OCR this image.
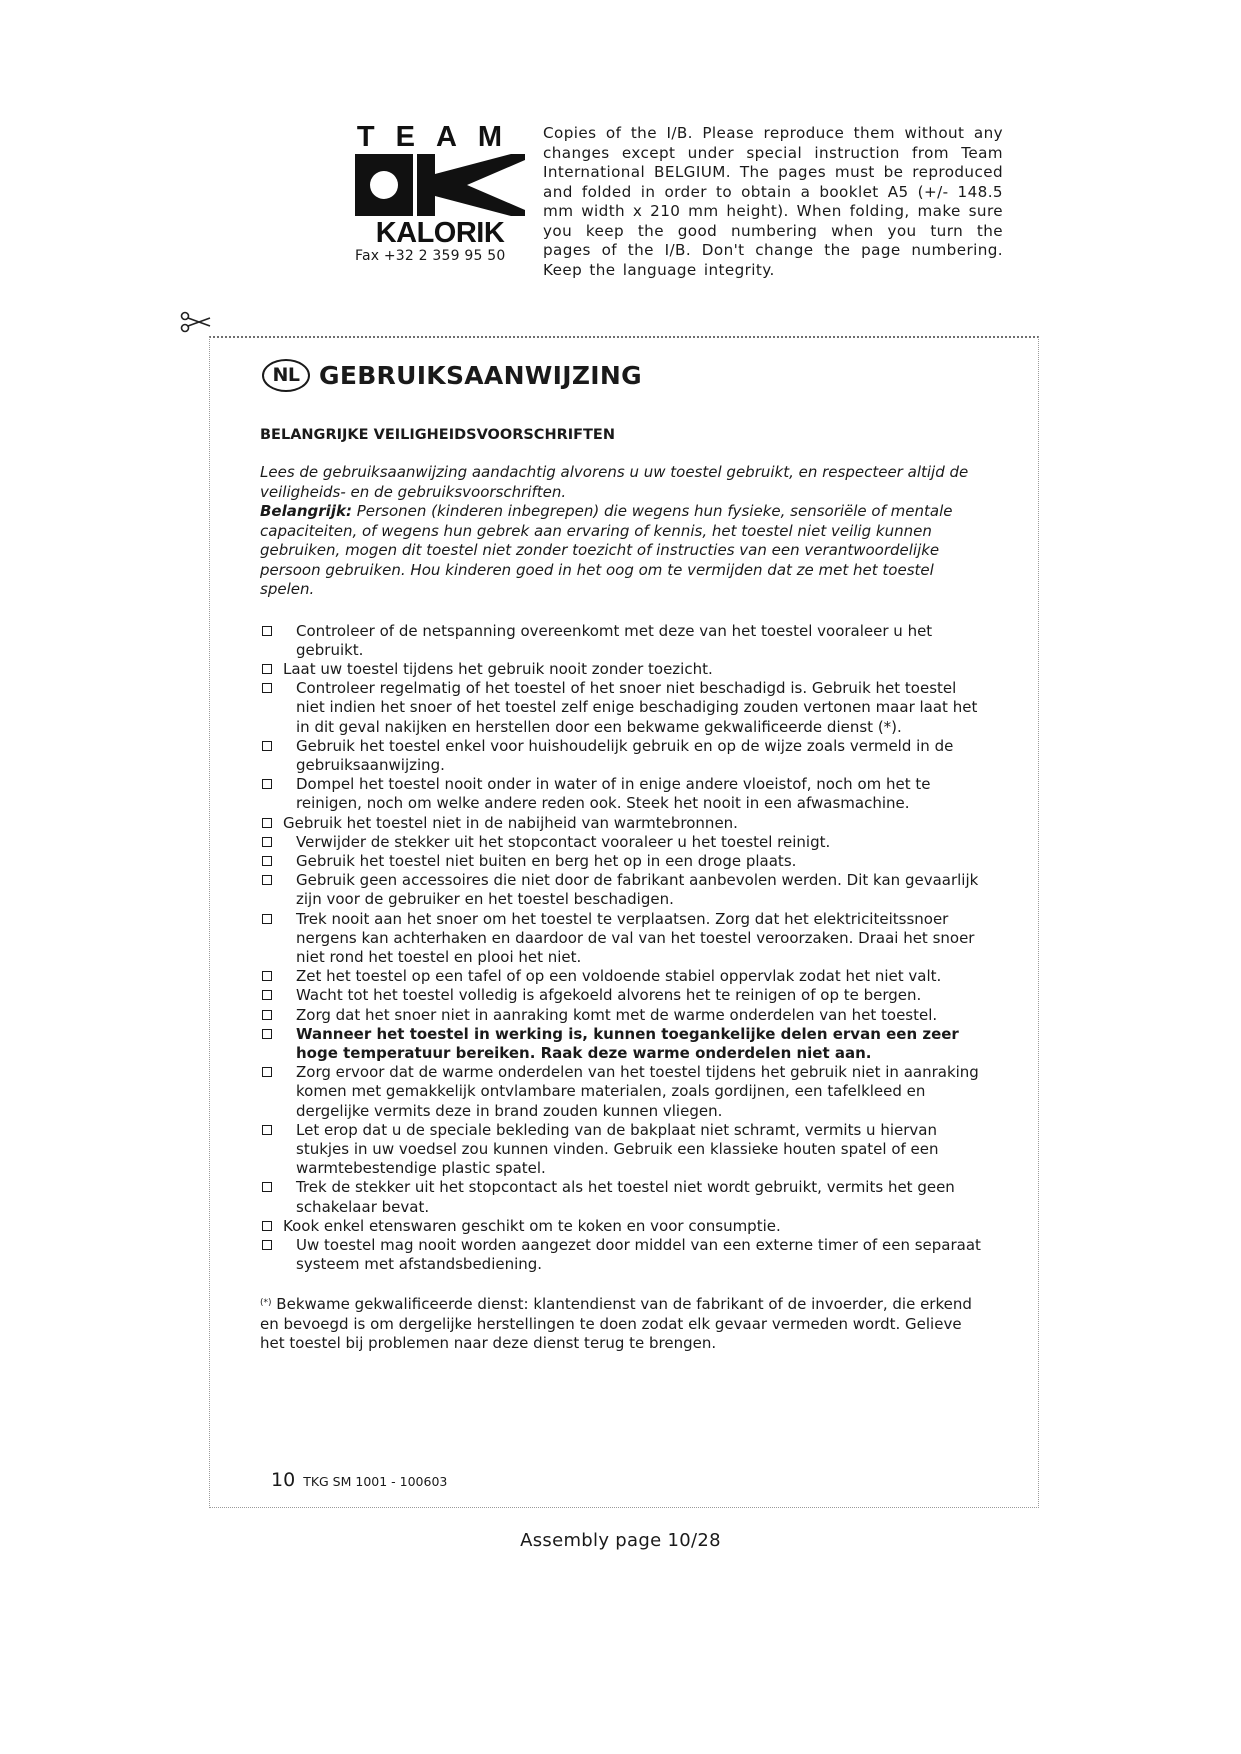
TEAM
KALORIK
Fax +32 2 359 95 50
Copies of the I/B. Please reproduce them without any changes except under special instruction from Team International BELGIUM. The pages must be reproduced and folded in order to obtain a booklet A5 (+/- 148.5 mm width x 210 mm height). When folding, make sure you keep the good numbering when you turn the pages of the I/B. Don't change the page numbering. Keep the language integrity.
NL GEBRUIKSAANWIJZING

BELANGRIJKE VEILIGHEIDSVOORSCHRIFTEN

Lees de gebruiksaanwijzing aandachtig alvorens u uw toestel gebruikt, en respecteer altijd de veiligheids- en de gebruiksvoorschriften.

Belangrijk: Personen (kinderen inbegrepen) die wegens hun fysieke, sensoriële of mentale capaciteiten, of wegens hun gebrek aan ervaring of kennis, het toestel niet veilig kunnen gebruiken, mogen dit toestel niet zonder toezicht of instructies van een verantwoordelijke persoon gebruiken. Hou kinderen goed in het oog om te vermijden dat ze met het toestel spelen.

Controleer of de netspanning overeenkomt met deze van het toestel vooraleer u het gebruikt.
Laat uw toestel tijdens het gebruik nooit zonder toezicht.
Controleer regelmatig of het toestel of het snoer niet beschadigd is. Gebruik het toestel niet indien het snoer of het toestel zelf enige beschadiging zouden vertonen maar laat het in dit geval nakijken en herstellen door een bekwame gekwalificeerde dienst (*).
Gebruik het toestel enkel voor huishoudelijk gebruik en op de wijze zoals vermeld in de gebruiksaanwijzing.
Dompel het toestel nooit onder in water of in enige andere vloeistof, noch om het te reinigen, noch om welke andere reden ook. Steek het nooit in een afwasmachine.
Gebruik het toestel niet in de nabijheid van warmtebronnen.
Verwijder de stekker uit het stopcontact vooraleer u het toestel reinigt.
Gebruik het toestel niet buiten en berg het op in een droge plaats.
Gebruik geen accessoires die niet door de fabrikant aanbevolen werden. Dit kan gevaarlijk zijn voor de gebruiker en het toestel beschadigen.
Trek nooit aan het snoer om het toestel te verplaatsen. Zorg dat het elektriciteitssnoer nergens kan achterhaken en daardoor de val van het toestel veroorzaken. Draai het snoer niet rond het toestel en plooi het niet.
Zet het toestel op een tafel of op een voldoende stabiel oppervlak zodat het niet valt.
Wacht tot het toestel volledig is afgekoeld alvorens het te reinigen of op te bergen.
Zorg dat het snoer niet in aanraking komt met de warme onderdelen van het toestel.
Wanneer het toestel in werking is, kunnen toegankelijke delen ervan een zeer hoge temperatuur bereiken. Raak deze warme onderdelen niet aan.
Zorg ervoor dat de warme onderdelen van het toestel tijdens het gebruik niet in aanraking komen met gemakkelijk ontvlambare materialen, zoals gordijnen, een tafelkleed en dergelijke vermits deze in brand zouden kunnen vliegen.
Let erop dat u de speciale bekleding van de bakplaat niet schramt, vermits u hiervan stukjes in uw voedsel zou kunnen vinden. Gebruik een klassieke houten spatel of een warmtebestendige plastic spatel.
Trek de stekker uit het stopcontact als het toestel niet wordt gebruikt, vermits het geen schakelaar bevat.
Kook enkel etenswaren geschikt om te koken en voor consumptie.
Uw toestel mag nooit worden aangezet door middel van een externe timer of een separaat systeem met afstandsbediening.

(*) Bekwame gekwalificeerde dienst: klantendienst van de fabrikant of de invoerder, die erkend en bevoegd is om dergelijke herstellingen te doen zodat elk gevaar vermeden wordt. Gelieve het toestel bij problemen naar deze dienst terug te brengen.

10 TKG SM 1001 - 100603
Assembly page 10/28
